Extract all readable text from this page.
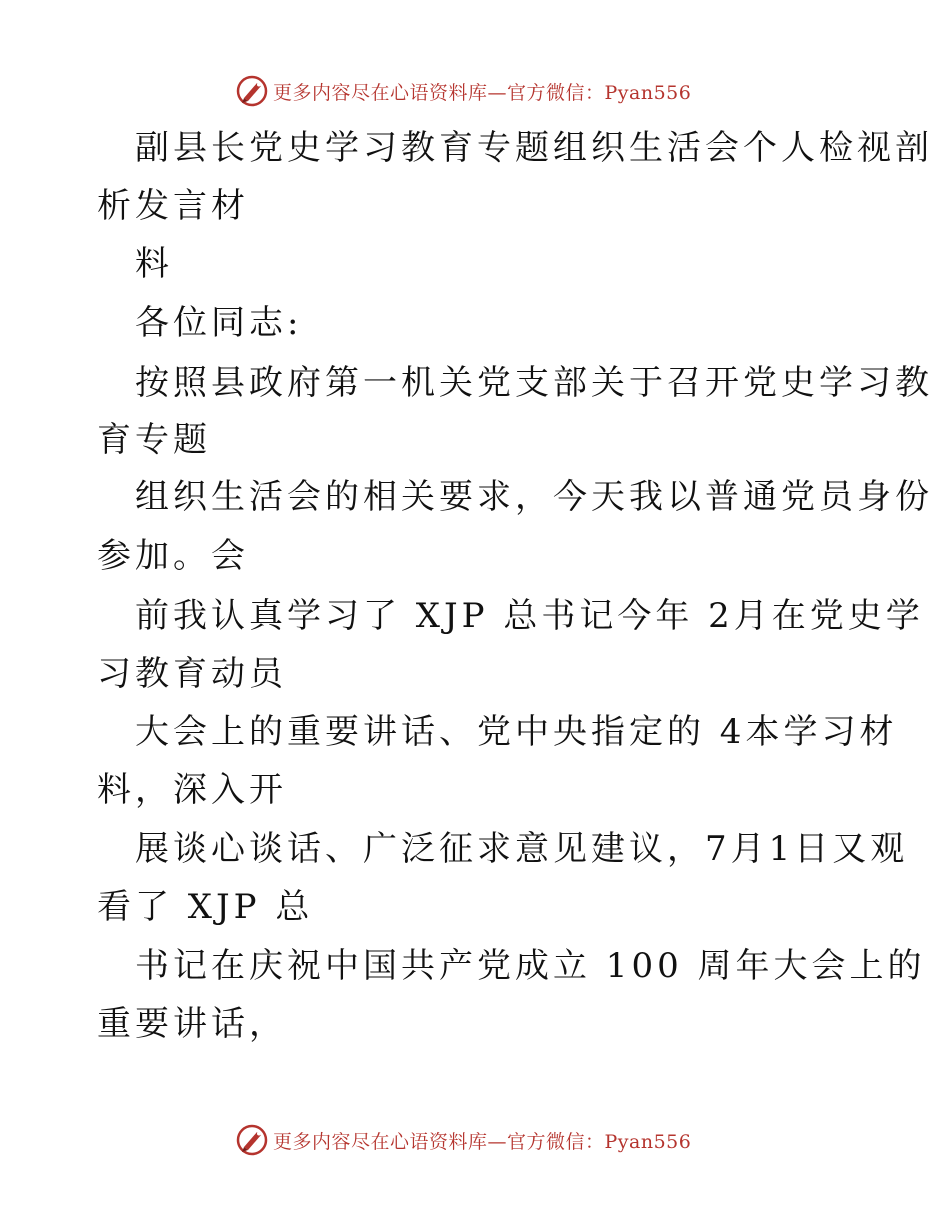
更多内容尽在心语资料库—官方微信：Pyan556
副县长党史学习教育专题组织生活会个人检视剖
析发言材
料
各位同志:
按照县政府第一机关党支部关于召开党史学习教
育专题
组织生活会的相关要求，今天我以普通党员身份
参加。会
前我认真学习了 XJP 总书记今年 2月在党史学
习教育动员
大会上的重要讲话、党中央指定的 4本学习材
料，深入开
展谈心谈话、广泛征求意见建议，7月1日又观
看了 XJP 总
书记在庆祝中国共产党成立 100 周年大会上的
重要讲话，
更多内容尽在心语资料库—官方微信：Pyan556
